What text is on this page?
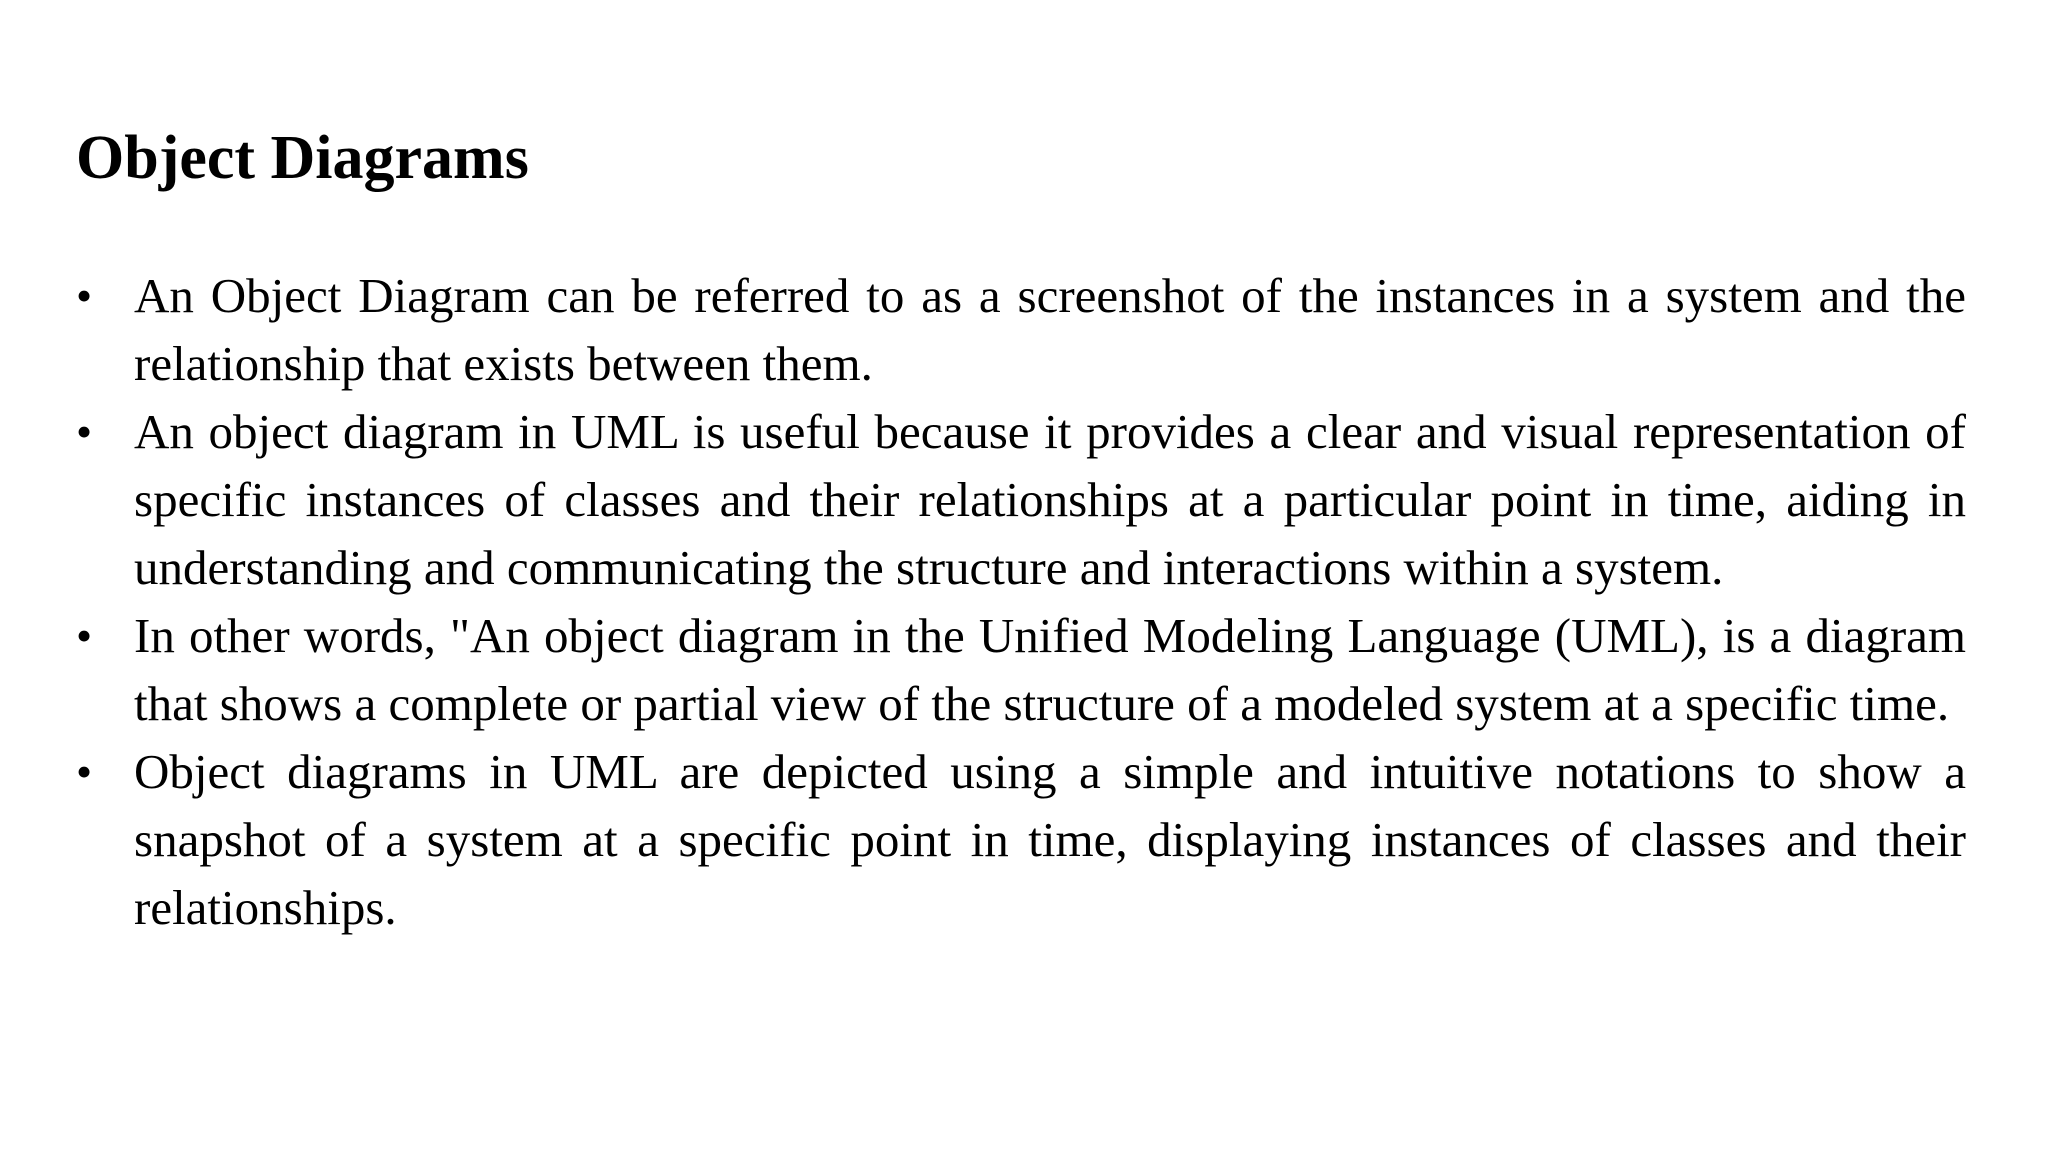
Object Diagrams
• An Object Diagram can be referred to as a screenshot of the instances in a system and the relationship that exists between them.
• An object diagram in UML is useful because it provides a clear and visual representation of specific instances of classes and their relationships at a particular point in time, aiding in understanding and communicating the structure and interactions within a system.
• In other words, "An object diagram in the Unified Modeling Language (UML), is a diagram that shows a complete or partial view of the structure of a modeled system at a specific time.
• Object diagrams in UML are depicted using a simple and intuitive notations to show a snapshot of a system at a specific point in time, displaying instances of classes and their relationships.
